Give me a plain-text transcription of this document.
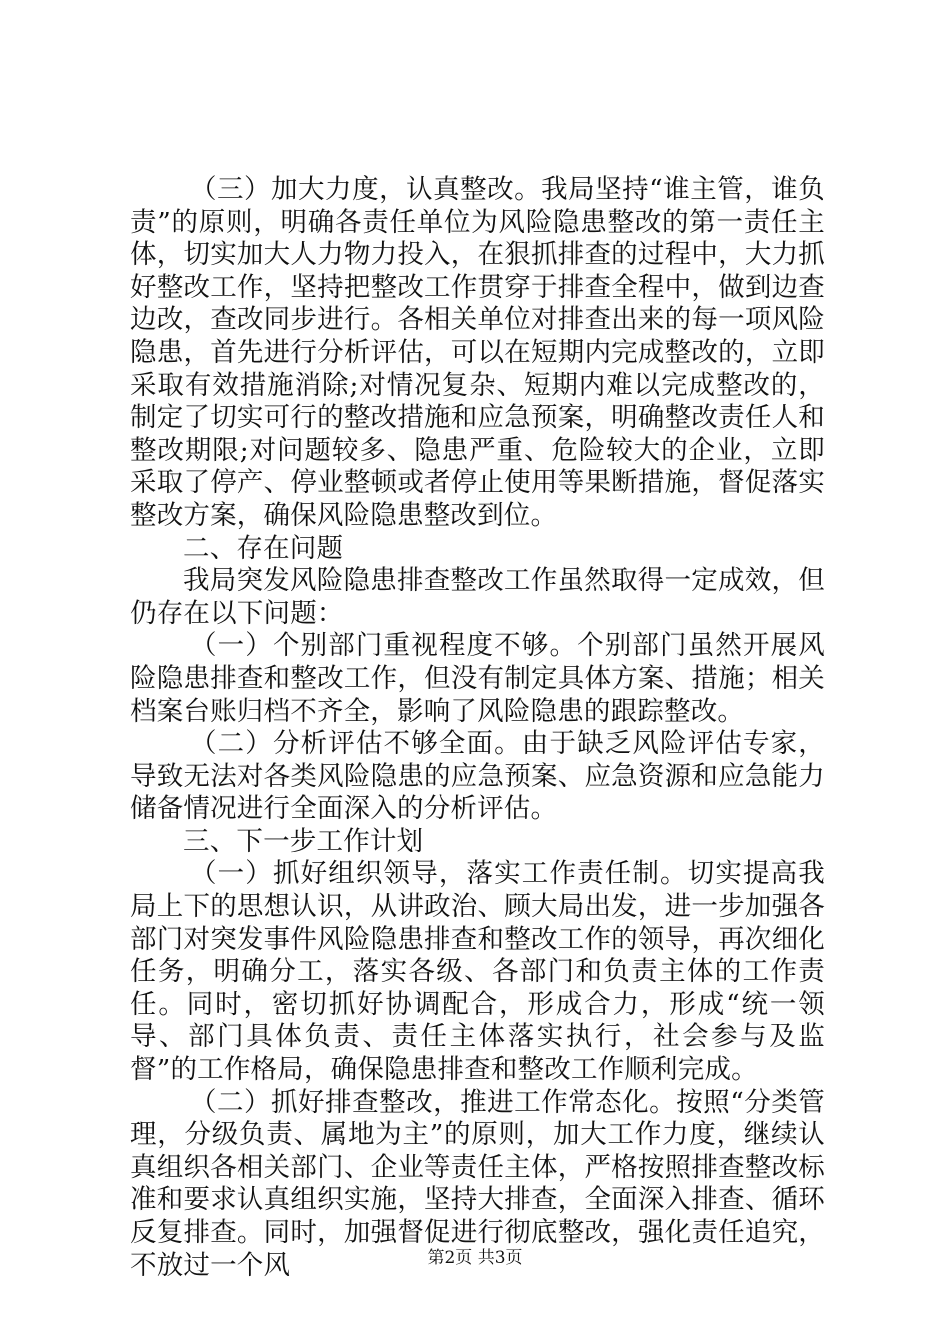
（三）加大力度，认真整改。我局坚持“谁主管，谁负责”的原则，明确各责任单位为风险隐患整改的第一责任主体，切实加大人力物力投入，在狠抓排查的过程中，大力抓好整改工作，坚持把整改工作贯穿于排查全程中，做到边查边改，查改同步进行。各相关单位对排查出来的每一项风险隐患，首先进行分析评估，可以在短期内完成整改的，立即采取有效措施消除;对情况复杂、短期内难以完成整改的，制定了切实可行的整改措施和应急预案，明确整改责任人和整改期限;对问题较多、隐患严重、危险较大的企业，立即采取了停产、停业整顿或者停止使用等果断措施，督促落实整改方案，确保风险隐患整改到位。

二、存在问题

我局突发风险隐患排查整改工作虽然取得一定成效，但仍存在以下问题：

（一）个别部门重视程度不够。个别部门虽然开展风险隐患排查和整改工作，但没有制定具体方案、措施；相关档案台账归档不齐全，影响了风险隐患的跟踪整改。

（二）分析评估不够全面。由于缺乏风险评估专家，导致无法对各类风险隐患的应急预案、应急资源和应急能力储备情况进行全面深入的分析评估。

三、下一步工作计划

（一）抓好组织领导，落实工作责任制。切实提高我局上下的思想认识，从讲政治、顾大局出发，进一步加强各部门对突发事件风险隐患排查和整改工作的领导，再次细化任务，明确分工，落实各级、各部门和负责主体的工作责任。同时，密切抓好协调配合，形成合力，形成“统一领导、部门具体负责、责任主体落实执行，社会参与及监督”的工作格局，确保隐患排查和整改工作顺利完成。

（二）抓好排查整改，推进工作常态化。按照“分类管理，分级负责、属地为主”的原则，加大工作力度，继续认真组织各相关部门、企业等责任主体，严格按照排查整改标准和要求认真组织实施，坚持大排查，全面深入排查、循环反复排查。同时，加强督促进行彻底整改，强化责任追究，不放过一个风	第2页 共3页
